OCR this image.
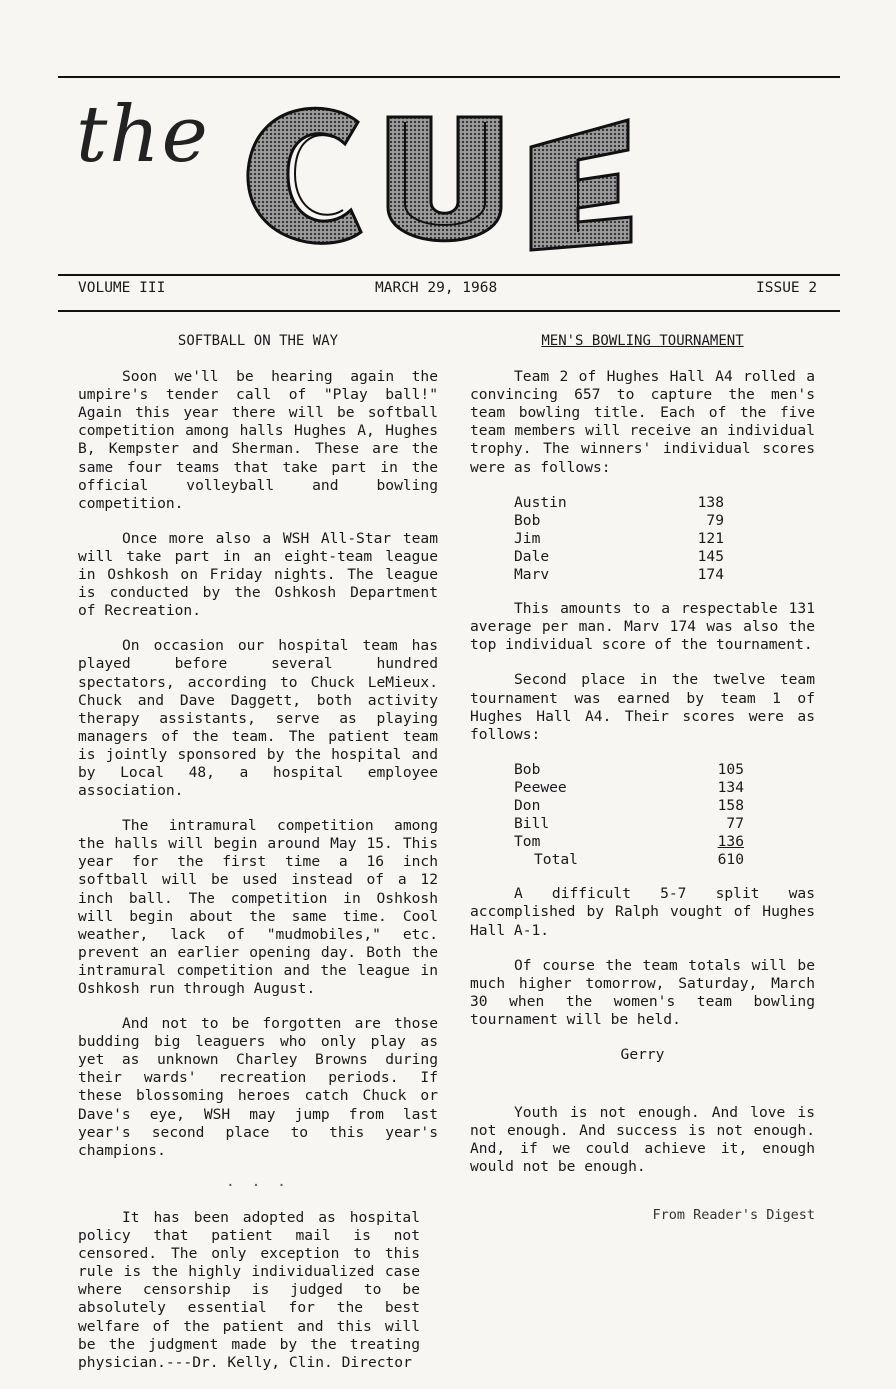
the
VOLUME III	MARCH 29, 1968	ISSUE 2
SOFTBALL ON THE WAY

Soon we'll be hearing again the umpire's tender call of "Play ball!" Again this year there will be softball competition among halls Hughes A, Hughes B, Kempster and Sherman. These are the same four teams that take part in the official volleyball and bowling competition.

Once more also a WSH All-Star team will take part in an eight-team league in Oshkosh on Friday nights. The league is conducted by the Oshkosh Department of Recreation.

On occasion our hospital team has played before several hundred spectators, according to Chuck LeMieux. Chuck and Dave Daggett, both activity therapy assistants, serve as playing managers of the team. The patient team is jointly sponsored by the hospital and by Local 48, a hospital employee association.

The intramural competition among the halls will begin around May 15. This year for the first time a 16 inch softball will be used instead of a 12 inch ball. The competition in Oshkosh will begin about the same time. Cool weather, lack of "mudmobiles," etc. prevent an earlier opening day. Both the intramural competition and the league in Oshkosh run through August.

And not to be forgotten are those budding big leaguers who only play as yet as unknown Charley Browns during their wards' recreation periods. If these blossoming heroes catch Chuck or Dave's eye, WSH may jump from last year's second place to this year's champions.

· · ·

It has been adopted as hospital policy that patient mail is not censored. The only exception to this rule is the highly individualized case where censorship is judged to be absolutely essential for the best welfare of the patient and this will be the judgment made by the treating physician.---Dr. Kelly, Clin. Director

MEN'S BOWLING TOURNAMENT

Team 2 of Hughes Hall A4 rolled a convincing 657 to capture the men's team bowling title. Each of the five team members will receive an individual trophy. The winners' individual scores were as follows:

Austin	138
Bob	79
Jim	121
Dale	145
Marv	174

This amounts to a respectable 131 average per man. Marv 174 was also the top individual score of the tournament.

Second place in the twelve team tournament was earned by team 1 of Hughes Hall A4. Their scores were as follows:

Bob	105
Peewee	134
Don	158
Bill	77
Tom	136
Total	610

A difficult 5-7 split was accomplished by Ralph vought of Hughes Hall A-1.

Of course the team totals will be much higher tomorrow, Saturday, March 30 when the women's team bowling tournament will be held.

Gerry

Youth is not enough. And love is not enough. And success is not enough. And, if we could achieve it, enough would not be enough.

From Reader's Digest
